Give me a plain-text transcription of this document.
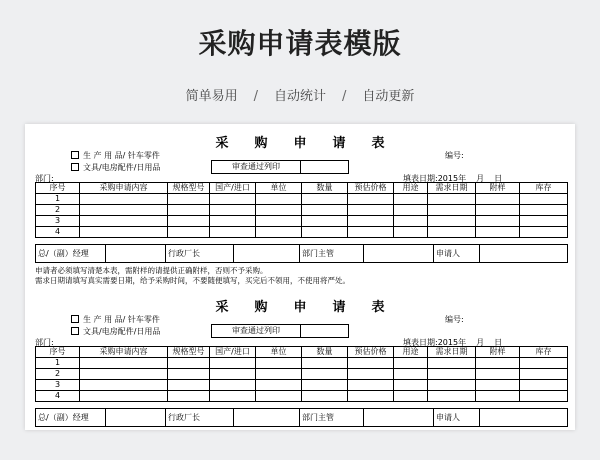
采购申请表模版
简单易用 / 自动统计 / 自动更新
采 购 申 请 表
生 产 用 品/ 针车零件
文具/电房配件/日用品
编号:
审查通过列印
部门:	填表日期:2015年 月 日
序号	采购申请内容	规格型号	国产/进口	单位	数量	预估价格	用途	需求日期	附样	库存
1										
2										
3										
4										
总/（副）经理		行政厂长		部门主管		申请人	
申请者必须填写清楚本表，需附样的请提供正确附样，否则不予采购。
需求日期请填写真实需要日期，给予采购时间，不要随便填写，买完后不领用，不使用将严处。
采 购 申 请 表
生 产 用 品/ 针车零件
文具/电房配件/日用品
编号:
审查通过列印
部门:	填表日期:2015年 月 日
序号	采购申请内容	规格型号	国产/进口	单位	数量	预估价格	用途	需求日期	附样	库存
1										
2										
3										
4										
总/（副）经理		行政厂长		部门主管		申请人	
